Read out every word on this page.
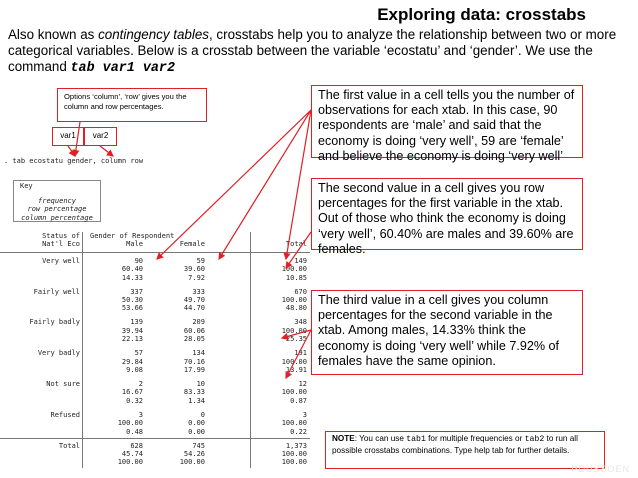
Exploring data: crosstabs
Also known as contingency tables, crosstabs help you to analyze the relationship between two or more categorical variables. Below is a crosstab between the variable ‘ecostatu’ and ‘gender’. We use the command tab var1 var2
Options ‘column’, ‘row’ gives you the column and row percentages.
var1	var2
. tab ecostatu gender, column row
Key
frequency
row percentage
column percentage
Status of Gender of Respondent
Nat'l Eco	Male	Female	Total
Very well	90	59	149
60.40	39.60	100.00
14.33	7.92	10.85
Fairly well	337	333	670
50.30	49.70	100.00
53.66	44.70	48.80
Fairly badly	139	209	348
39.94	60.06	100.00
22.13	28.05	25.35
Very badly	57	134	191
29.84	70.16	100.00
9.08	17.99	13.91
Not sure	2	10	12
16.67	83.33	100.00
0.32	1.34	0.87
Refused	3	0	3
100.00	0.00	100.00
0.48	0.00	0.22
Total	628	745	1,373
45.74	54.26	100.00
100.00	100.00	100.00
The first value in a cell tells you the number of observations for each xtab. In this case, 90 respondents are ‘male’ and said that the economy is doing ‘very well’, 59 are ‘female’ and believe the economy is doing ‘very well’
The second value in a cell gives you row percentages for the first variable in the xtab. Out of those who think the economy is doing ‘very well’, 60.40% are males and 39.60% are females.
The third value in a cell gives you column percentages for the second variable in the xtab. Among males, 14.33% think the economy is doing ‘very well’ while 7.92% of females have the same opinion.
NOTE: You can use tab1 for multiple frequencies or tab2 to run all possible crosstabs combinations. Type help tab for further details.
PDUSSOEN
